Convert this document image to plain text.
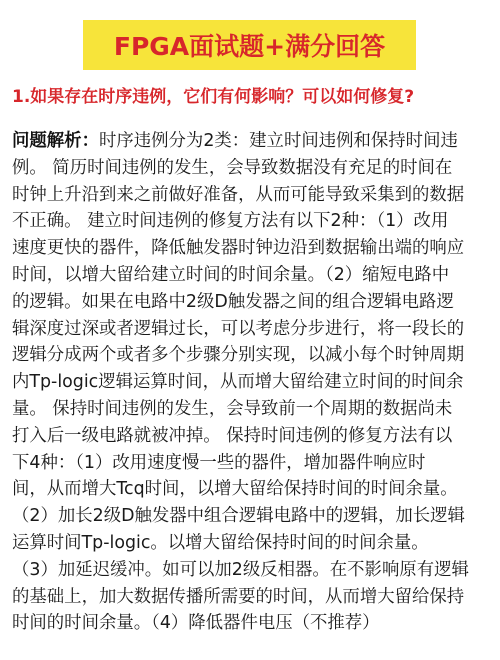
FPGA面试题+满分回答
1.如果存在时序违例，它们有何影响？可以如何修复?
问题解析：时序违例分为2类：建立时间违例和保持时间违
例。 简历时间违例的发生，会导致数据没有充足的时间在
时钟上升沿到来之前做好准备，从而可能导致采集到的数据
不正确。 建立时间违例的修复方法有以下2种：（1）改用
速度更快的器件，降低触发器时钟边沿到数据输出端的响应
时间，以增大留给建立时间的时间余量。（2）缩短电路中
的逻辑。如果在电路中2级D触发器之间的组合逻辑电路逻
辑深度过深或者逻辑过长，可以考虑分步进行，将一段长的
逻辑分成两个或者多个步骤分别实现，以减小每个时钟周期
内Tp-logic逻辑运算时间，从而增大留给建立时间的时间余
量。 保持时间违例的发生，会导致前一个周期的数据尚未
打入后一级电路就被冲掉。 保持时间违例的修复方法有以
下4种：（1）改用速度慢一些的器件，增加器件响应时
间，从而增大Tcq时间，以增大留给保持时间的时间余量。
（2）加长2级D触发器中组合逻辑电路中的逻辑，加长逻辑
运算时间Tp-logic。以增大留给保持时间的时间余量。
（3）加延迟缓冲。如可以加2级反相器。在不影响原有逻辑
的基础上，加大数据传播所需要的时间，从而增大留给保持
时间的时间余量。（4）降低器件电压（不推荐）
